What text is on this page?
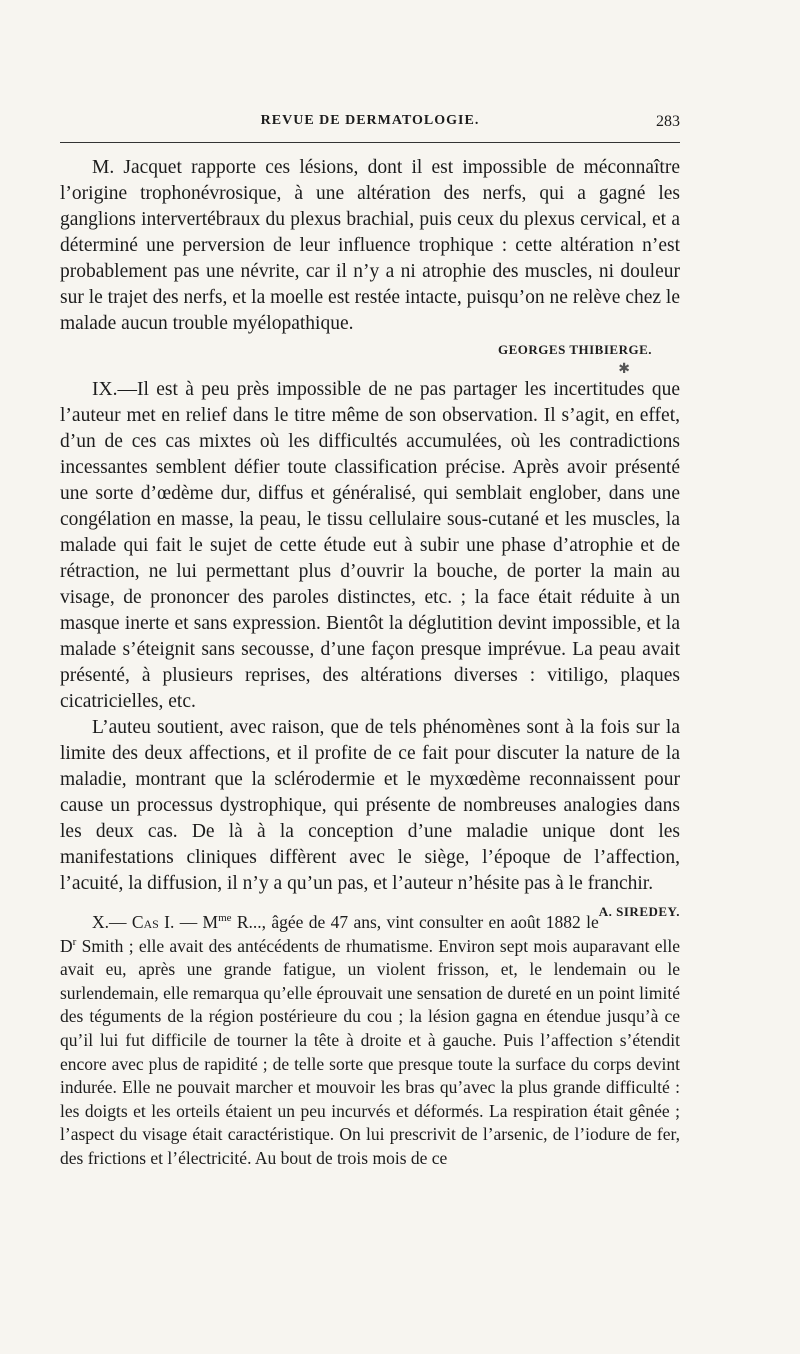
REVUE DE DERMATOLOGIE.	283

M. Jacquet rapporte ces lésions, dont il est impossible de méconnaître l’origine trophonévrosique, à une altération des nerfs, qui a gagné les ganglions intervertébraux du plexus brachial, puis ceux du plexus cervical, et a déterminé une perversion de leur influence trophique : cette altération n’est probablement pas une névrite, car il n’y a ni atrophie des muscles, ni douleur sur le trajet des nerfs, et la moelle est restée intacte, puisqu’on ne relève chez le malade aucun trouble myélopathique.

GEORGES THIBIERGE.
✱

IX.—Il est à peu près impossible de ne pas partager les incertitudes que l’auteur met en relief dans le titre même de son observation. Il s’agit, en effet, d’un de ces cas mixtes où les difficultés accumulées, où les contradictions incessantes semblent défier toute classification précise. Après avoir présenté une sorte d’œdème dur, diffus et généralisé, qui semblait englober, dans une congélation en masse, la peau, le tissu cellulaire sous-cutané et les muscles, la malade qui fait le sujet de cette étude eut à subir une phase d’atrophie et de rétraction, ne lui permettant plus d’ouvrir la bouche, de porter la main au visage, de prononcer des paroles distinctes, etc. ; la face était réduite à un masque inerte et sans expression. Bientôt la déglutition devint impossible, et la malade s’éteignit sans secousse, d’une façon presque imprévue. La peau avait présenté, à plusieurs reprises, des altérations diverses : vitiligo, plaques cicatricielles, etc.

L’auteu soutient, avec raison, que de tels phénomènes sont à la fois sur la limite des deux affections, et il profite de ce fait pour discuter la nature de la maladie, montrant que la sclérodermie et le myxœdème reconnaissent pour cause un processus dystrophique, qui présente de nombreuses analogies dans les deux cas. De là à la conception d’une maladie unique dont les manifestations cliniques diffèrent avec le siège, l’époque de l’affection, l’acuité, la diffusion, il n’y a qu’un pas, et l’auteur n’hésite pas à le franchir.
A. SIREDEY.

X.— Cas I. — $M^{me}$ R..., âgée de 47 ans, vint consulter en août 1882 le $D^r$ Smith ; elle avait des antécédents de rhumatisme. Environ sept mois auparavant elle avait eu, après une grande fatigue, un violent frisson, et, le lendemain ou le surlendemain, elle remarqua qu’elle éprouvait une sensation de dureté en un point limité des téguments de la région postérieure du cou ; la lésion gagna en étendue jusqu’à ce qu’il lui fut difficile de tourner la tête à droite et à gauche. Puis l’affection s’étendit encore avec plus de rapidité ; de telle sorte que presque toute la surface du corps devint indurée. Elle ne pouvait marcher et mouvoir les bras qu’avec la plus grande difficulté : les doigts et les orteils étaient un peu incurvés et déformés. La respiration était gênée ; l’aspect du visage était caractéristique. On lui prescrivit de l’arsenic, de l’iodure de fer, des frictions et l’électricité. Au bout de trois mois de ce
